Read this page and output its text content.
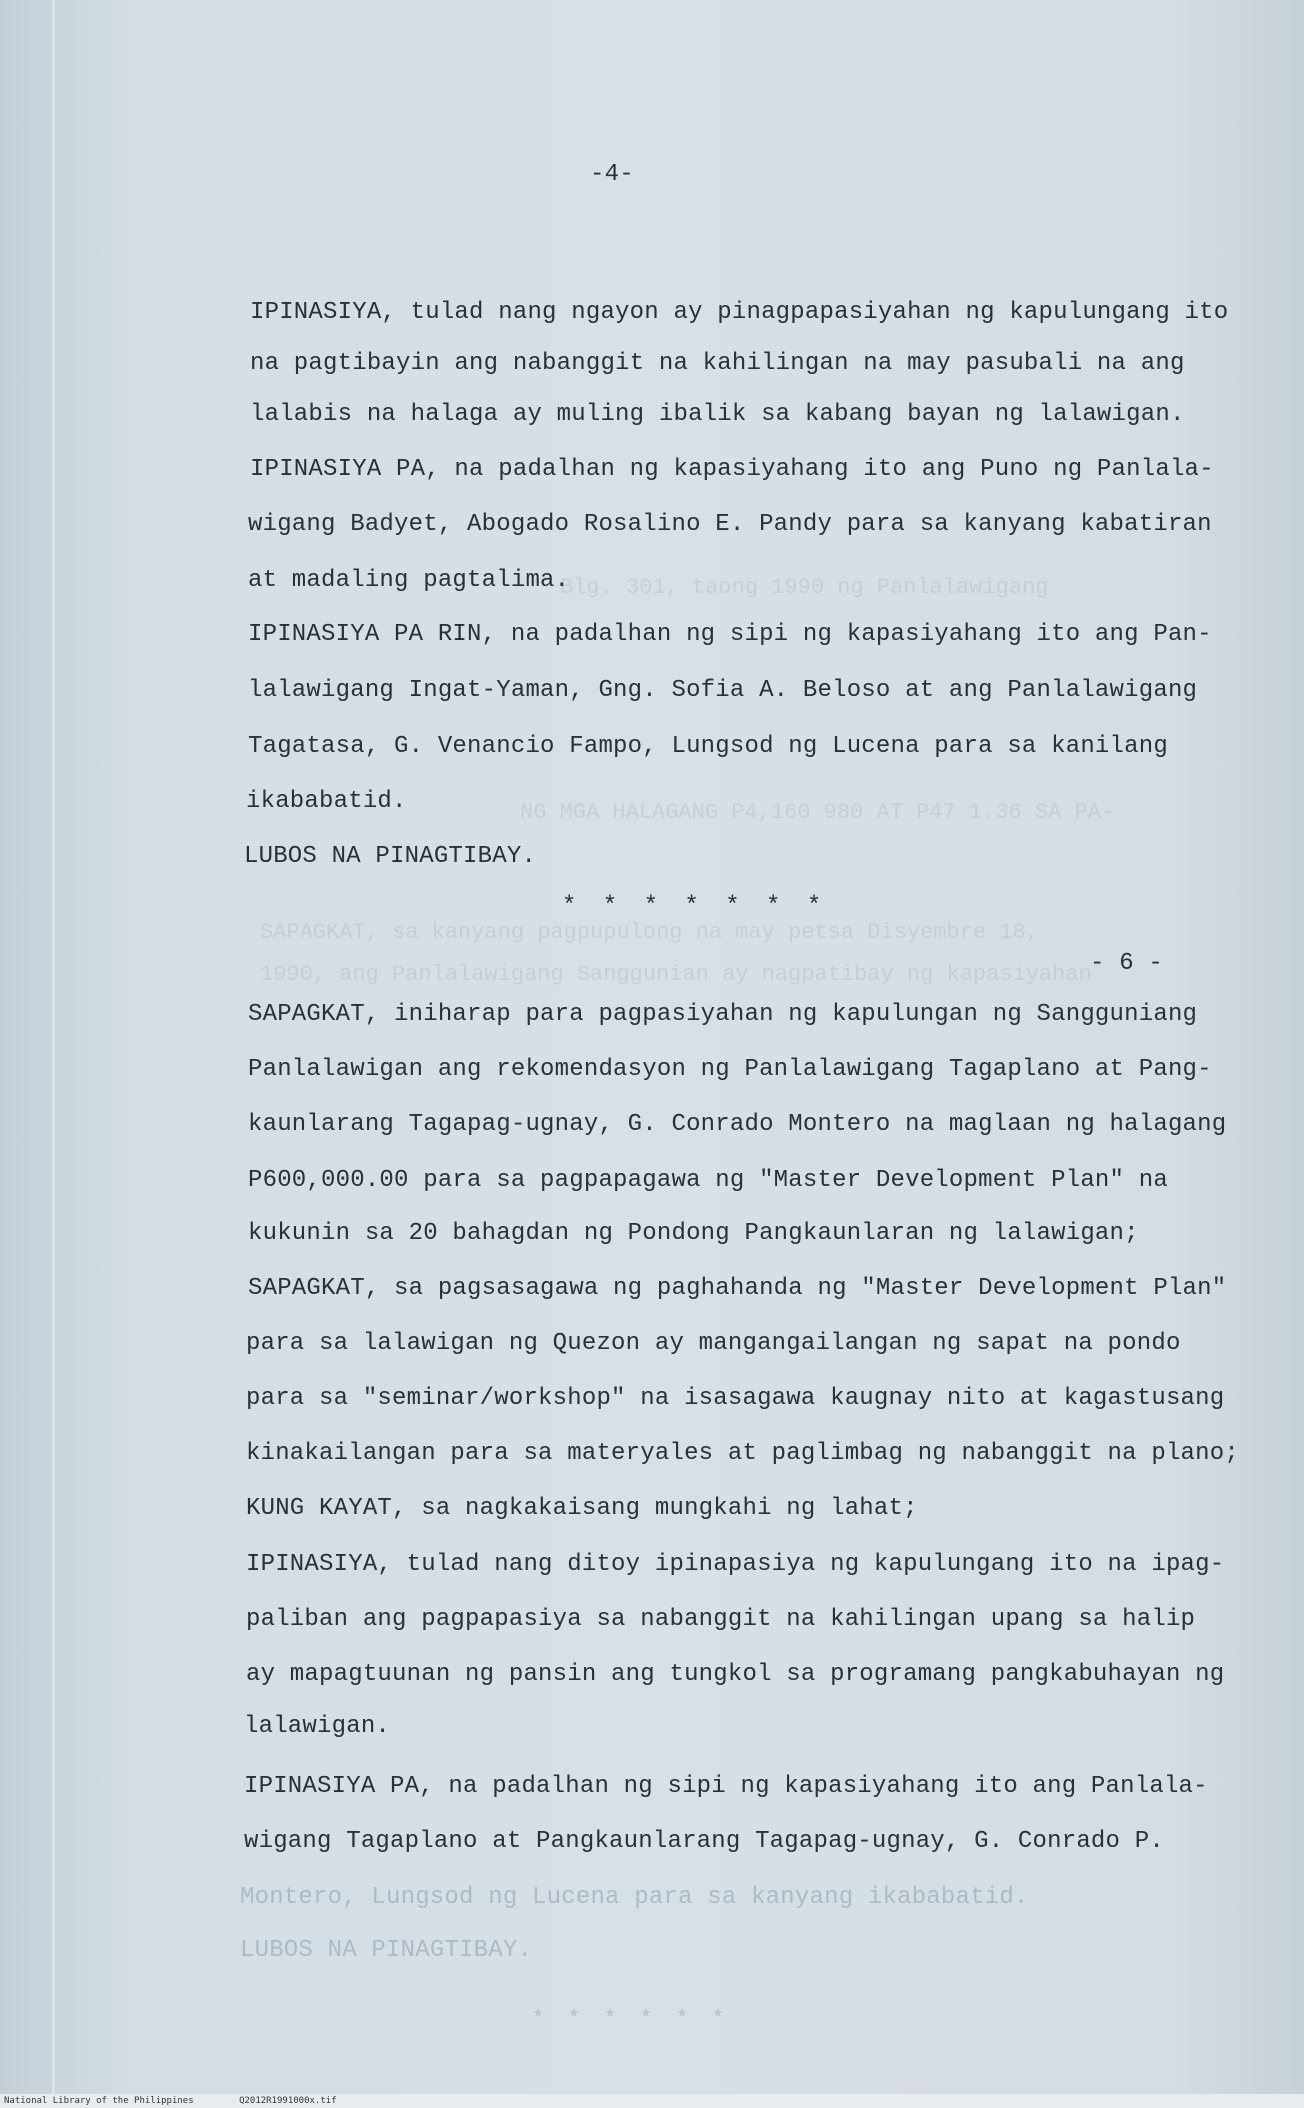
Blg. 301, taong 1990 ng Panlalawigang
NG MGA HALAGANG P4,160 980 AT P47 1.36 SA PA-
SAPAGKAT, sa kanyang pagpupulong na may petsa Disyembre 18,
1990, ang Panlalawigang Sanggunian ay nagpatibay ng kapasiyahan
-4-
IPINASIYA, tulad nang ngayon ay pinagpapasiyahan ng kapulungang ito
na pagtibayin ang nabanggit na kahilingan na may pasubali na ang
lalabis na halaga ay muling ibalik sa kabang bayan ng lalawigan.
IPINASIYA PA, na padalhan ng kapasiyahang ito ang Puno ng Panlala-
wigang Badyet, Abogado Rosalino E. Pandy para sa kanyang kabatiran
at madaling pagtalima.
IPINASIYA PA RIN, na padalhan ng sipi ng kapasiyahang ito ang Pan-
lalawigang Ingat-Yaman, Gng. Sofia A. Beloso at ang Panlalawigang
Tagatasa, G. Venancio Fampo, Lungsod ng Lucena para sa kanilang
ikababatid.
LUBOS NA PINAGTIBAY.
* * * * * * *
- 6 -
SAPAGKAT, iniharap para pagpasiyahan ng kapulungan ng Sangguniang
Panlalawigan ang rekomendasyon ng Panlalawigang Tagaplano at Pang-
kaunlarang Tagapag-ugnay, G. Conrado Montero na maglaan ng halagang
P600,000.00 para sa pagpapagawa ng "Master Development Plan" na
kukunin sa 20 bahagdan ng Pondong Pangkaunlaran ng lalawigan;
SAPAGKAT, sa pagsasagawa ng paghahanda ng "Master Development Plan"
para sa lalawigan ng Quezon ay mangangailangan ng sapat na pondo
para sa "seminar/workshop" na isasagawa kaugnay nito at kagastusang
kinakailangan para sa materyales at paglimbag ng nabanggit na plano;
KUNG KAYAT, sa nagkakaisang mungkahi ng lahat;
IPINASIYA, tulad nang ditoy ipinapasiya ng kapulungang ito na ipag-
paliban ang pagpapasiya sa nabanggit na kahilingan upang sa halip
ay mapagtuunan ng pansin ang tungkol sa programang pangkabuhayan ng
lalawigan.
IPINASIYA PA, na padalhan ng sipi ng kapasiyahang ito ang Panlala-
wigang Tagaplano at Pangkaunlarang Tagapag-ugnay, G. Conrado P.
Montero, Lungsod ng Lucena para sa kanyang ikababatid.
LUBOS NA PINAGTIBAY.
* * * * * *
National Library of the Philippines	Q2012R1991000x.tif
